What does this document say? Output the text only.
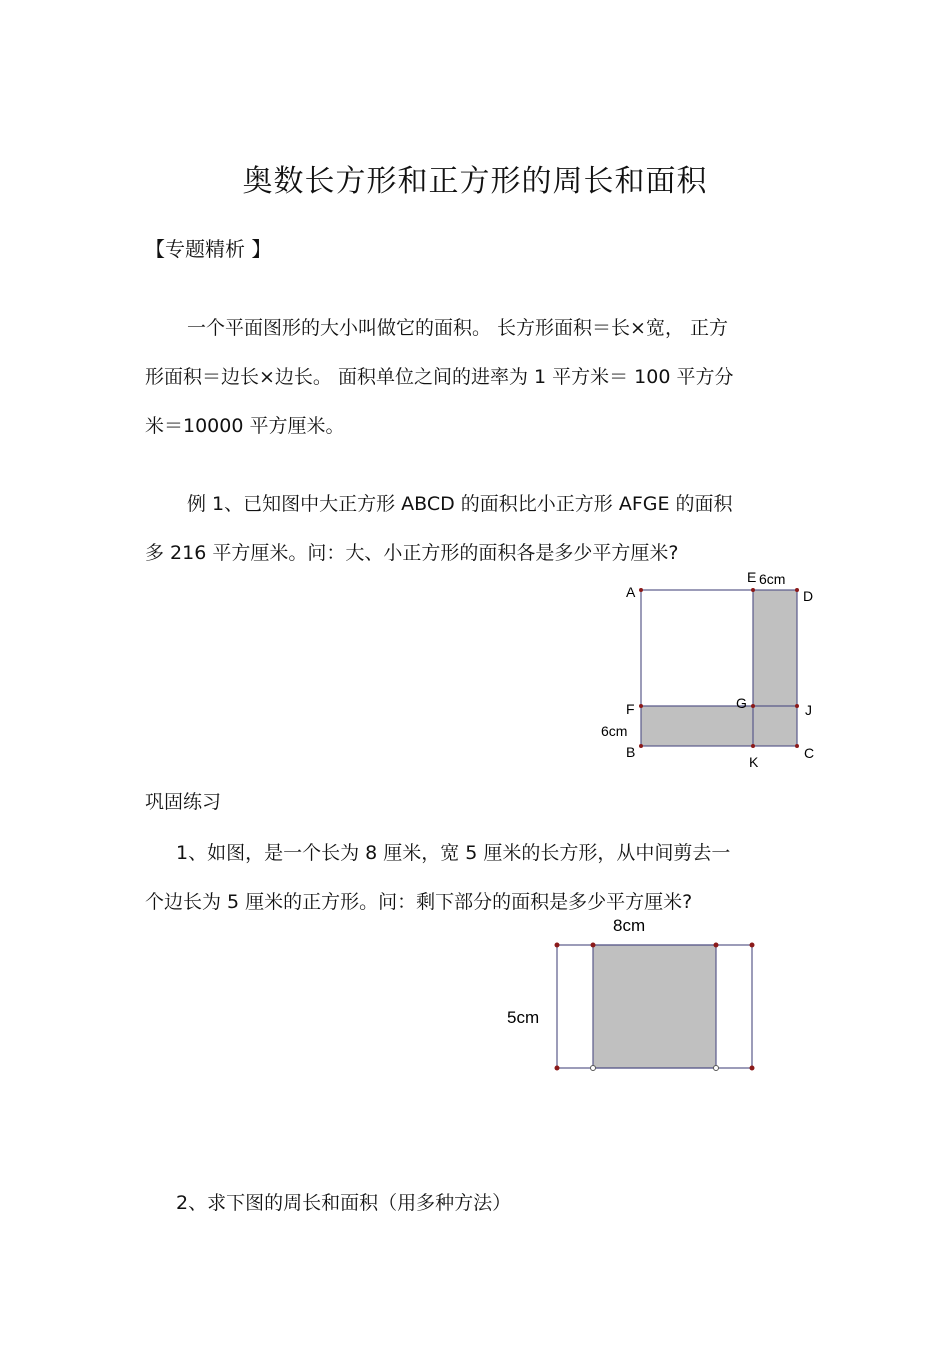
奥数长方形和正方形的周长和面积
【专题精析 】
一个平面图形的大小叫做它的面积。 长方形面积＝长×宽， 正方
形面积＝边长×边长。 面积单位之间的进率为 1 平方米＝ 100 平方分
米＝10000 平方厘米。
例 1、已知图中大正方形 ABCD 的面积比小正方形 AFGE 的面积
多 216 平方厘米。问：大、小正方形的面积各是多少平方厘米?
A
E 6cm
D
F	G	J
6cm
B
K
C
巩固练习
1、如图，是一个长为 8 厘米，宽 5 厘米的长方形，从中间剪去一
个边长为 5 厘米的正方形。问：剩下部分的面积是多少平方厘米?
8cm
5cm
2、求下图的周长和面积（用多种方法）
